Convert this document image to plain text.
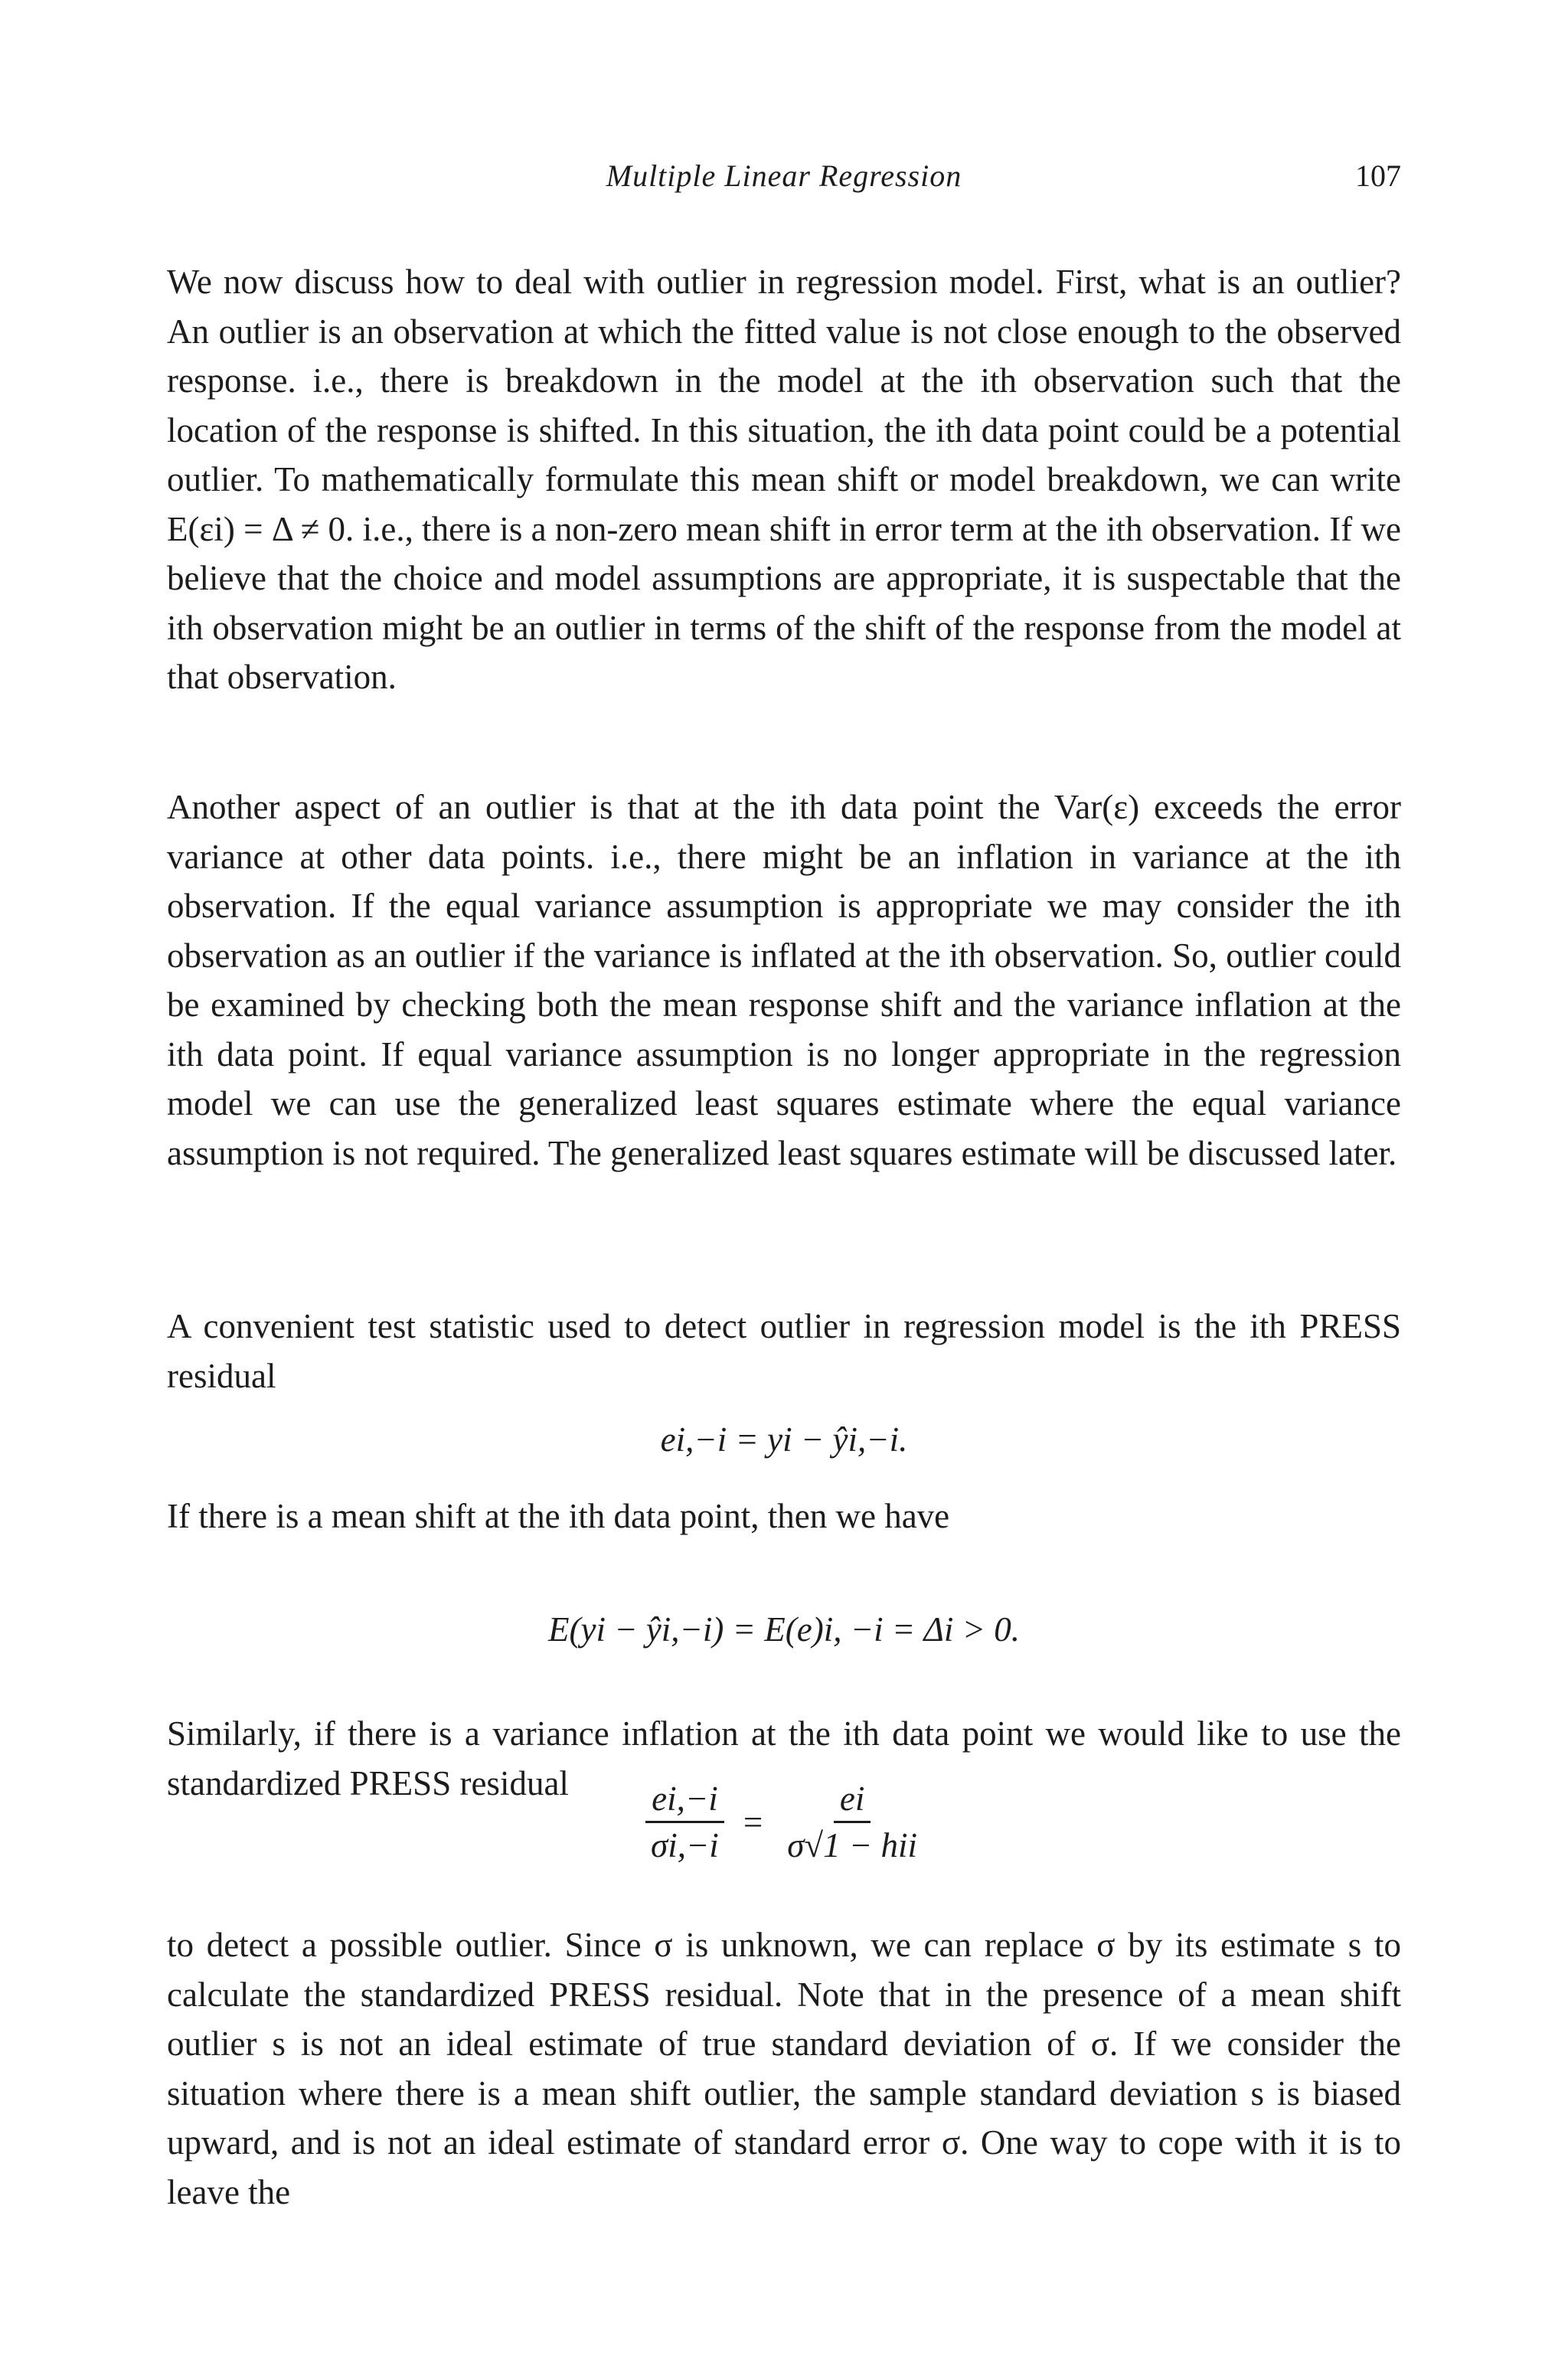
Multiple Linear Regression	107

We now discuss how to deal with outlier in regression model. First, what is an outlier? An outlier is an observation at which the fitted value is not close enough to the observed response. i.e., there is breakdown in the model at the ith observation such that the location of the response is shifted. In this situation, the ith data point could be a potential outlier. To mathematically formulate this mean shift or model breakdown, we can write E(εi) = Δ ≠ 0. i.e., there is a non-zero mean shift in error term at the ith observation. If we believe that the choice and model assumptions are appropriate, it is suspectable that the ith observation might be an outlier in terms of the shift of the response from the model at that observation.

Another aspect of an outlier is that at the ith data point the Var(ε) exceeds the error variance at other data points. i.e., there might be an inflation in variance at the ith observation. If the equal variance assumption is appropriate we may consider the ith observation as an outlier if the variance is inflated at the ith observation. So, outlier could be examined by checking both the mean response shift and the variance inflation at the ith data point. If equal variance assumption is no longer appropriate in the regression model we can use the generalized least squares estimate where the equal variance assumption is not required. The generalized least squares estimate will be discussed later.

A convenient test statistic used to detect outlier in regression model is the ith PRESS residual

ei,−i = yi − ŷi,−i.

If there is a mean shift at the ith data point, then we have

E(yi − ŷi,−i) = E(e)i, −i = Δi > 0.

Similarly, if there is a variance inflation at the ith data point we would like to use the standardized PRESS residual	$\frac{ei,-i}{\sigma i,-i} = \frac{ei}{\text{σ√1 − hii}}$

to detect a possible outlier. Since σ is unknown, we can replace σ by its estimate s to calculate the standardized PRESS residual. Note that in the presence of a mean shift outlier s is not an ideal estimate of true standard deviation of σ. If we consider the situation where there is a mean shift outlier, the sample standard deviation s is biased upward, and is not an ideal estimate of standard error σ. One way to cope with it is to leave the
